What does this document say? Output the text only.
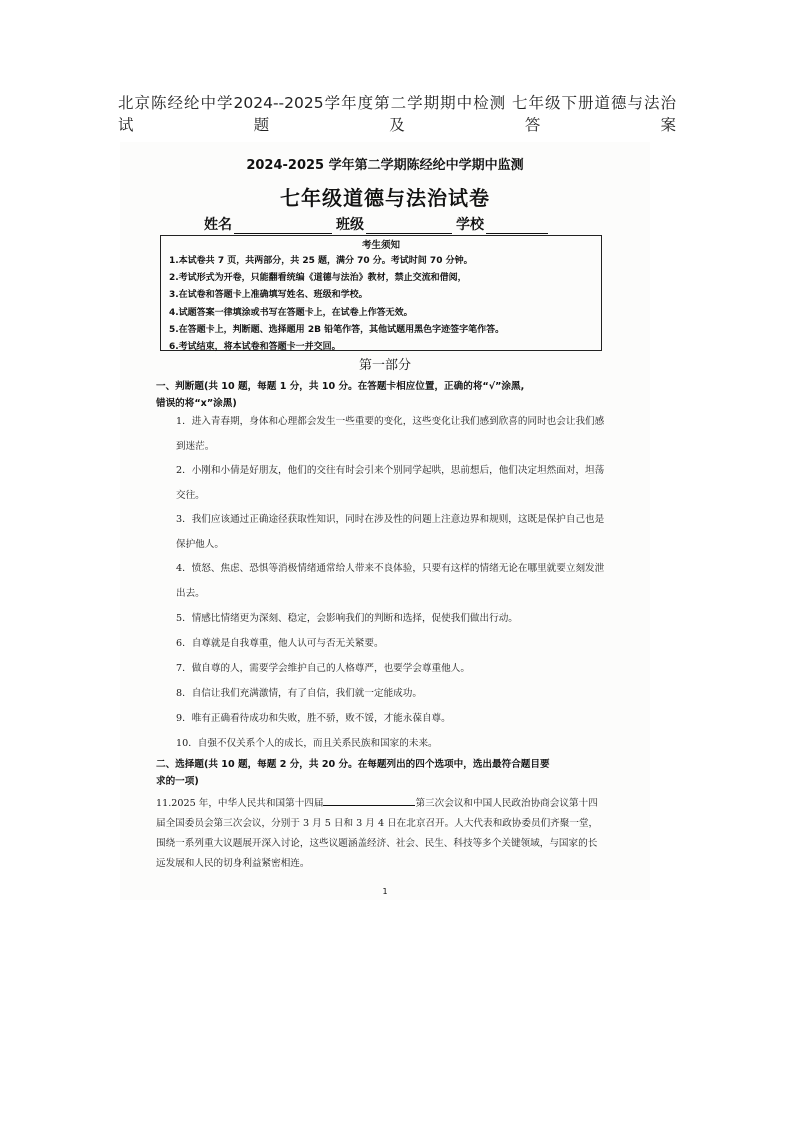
北京陈经纶中学2024--2025学年度第二学期期中检测 七年级下册道德与法治
试 题 及 答 案
2024-2025 学年第二学期陈经纶中学期中监测
七年级道德与法治试卷
姓名	班级	学校
考生须知
1.本试卷共 7 页，共两部分，共 25 题，满分 70 分。考试时间 70 分钟。
2.考试形式为开卷，只能翻看统编《道德与法治》教材，禁止交流和借阅，
3.在试卷和答题卡上准确填写姓名、班级和学校。
4.试题答案一律填涂或书写在答题卡上，在试卷上作答无效。
5.在答题卡上，判断题、选择题用 2B 铅笔作答，其他试题用黑色字迹签字笔作答。
6.考试结束，将本试卷和答题卡一并交回。
第一部分
一、判断题(共 10 题，每题 1 分，共 10 分。在答题卡相应位置，正确的将“√”涂黑,
错误的将“x”涂黑)
1．进入青春期，身体和心理都会发生一些重要的变化，这些变化让我们感到欣喜的同时也会让我们感到迷茫。
2．小刚和小倩是好朋友，他们的交往有时会引来个别同学起哄，思前想后，他们决定坦然面对，坦荡交往。
3．我们应该通过正确途径获取性知识，同时在涉及性的问题上注意边界和规则，这既是保护自己也是保护他人。
4．愤怒、焦虑、恐惧等消极情绪通常给人带来不良体验，只要有这样的情绪无论在哪里就要立刻发泄出去。
5．情感比情绪更为深刻、稳定，会影响我们的判断和选择，促使我们做出行动。
6．自尊就是自我尊重，他人认可与否无关紧要。
7．做自尊的人，需要学会维护自己的人格尊严，也要学会尊重他人。
8．自信让我们充满激情，有了自信，我们就一定能成功。
9．唯有正确看待成功和失败，胜不骄，败不馁，才能永葆自尊。
10．自强不仅关系个人的成长，而且关系民族和国家的未来。
二、选择题(共 10 题，每题 2 分，共 20 分。在每题列出的四个选项中，选出最符合题目要
求的一项)
11.2025 年，中华人民共和国第十四届	第三次会议和中国人民政治协商会议第十四届全国委员会第三次会议，分别于 3 月 5 日和 3 月 4 日在北京召开。人大代表和政协委员们齐聚一堂，围绕一系列重大议题展开深入讨论，这些议题涵盖经济、社会、民生、科技等多个关键领域，与国家的长远发展和人民的切身利益紧密相连。
1
